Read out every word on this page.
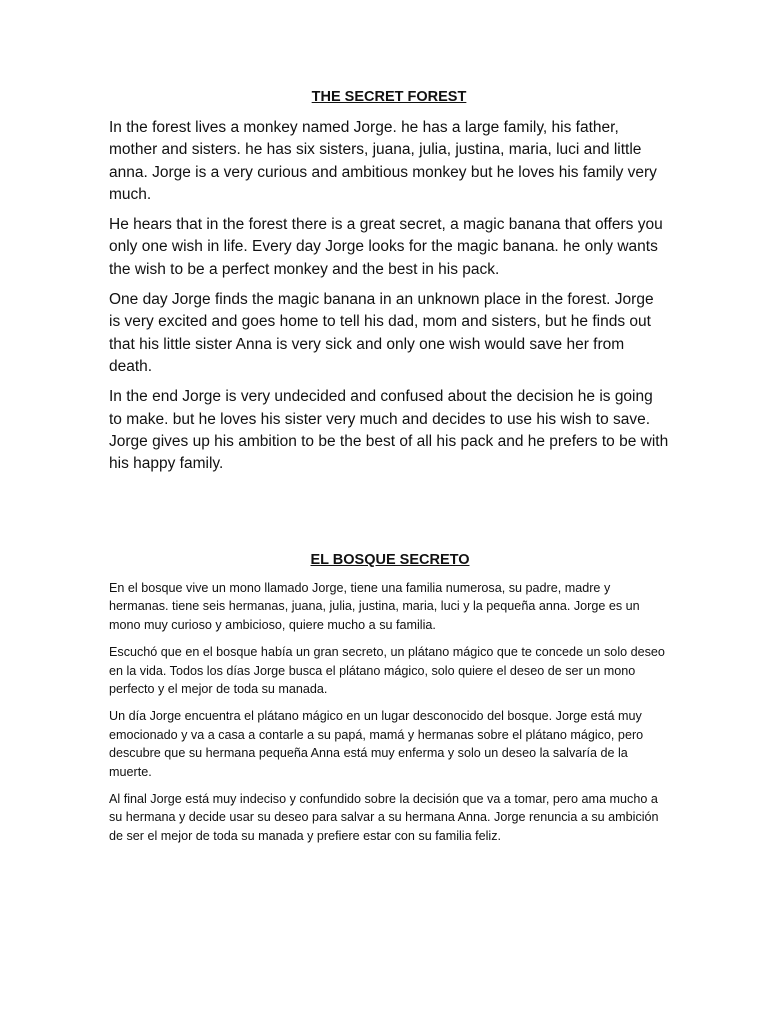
THE SECRET FOREST

In the forest lives a monkey named Jorge. he has a large family, his father, mother and sisters. he has six sisters, juana, julia, justina, maria, luci and little anna. Jorge is a very curious and ambitious monkey but he loves his family very much.

He hears that in the forest there is a great secret, a magic banana that offers you only one wish in life. Every day Jorge looks for the magic banana. he only wants the wish to be a perfect monkey and the best in his pack.

One day Jorge finds the magic banana in an unknown place in the forest. Jorge is very excited and goes home to tell his dad, mom and sisters, but he finds out that his little sister Anna is very sick and only one wish would save her from death.

In the end Jorge is very undecided and confused about the decision he is going to make. but he loves his sister very much and decides to use his wish to save. Jorge gives up his ambition to be the best of all his pack and he prefers to be with his happy family.

EL BOSQUE SECRETO

En el bosque vive un mono llamado Jorge, tiene una familia numerosa, su padre, madre y hermanas. tiene seis hermanas, juana, julia, justina, maria, luci y la pequeña anna. Jorge es un mono muy curioso y ambicioso, quiere mucho a su familia.

Escuchó que en el bosque había un gran secreto, un plátano mágico que te concede un solo deseo en la vida. Todos los días Jorge busca el plátano mágico, solo quiere el deseo de ser un mono perfecto y el mejor de toda su manada.

Un día Jorge encuentra el plátano mágico en un lugar desconocido del bosque. Jorge está muy emocionado y va a casa a contarle a su papá, mamá y hermanas sobre el plátano mágico, pero descubre que su hermana pequeña Anna está muy enferma y solo un deseo la salvaría de la muerte.

Al final Jorge está muy indeciso y confundido sobre la decisión que va a tomar, pero ama mucho a su hermana y decide usar su deseo para salvar a su hermana Anna. Jorge renuncia a su ambición de ser el mejor de toda su manada y prefiere estar con su familia feliz.
